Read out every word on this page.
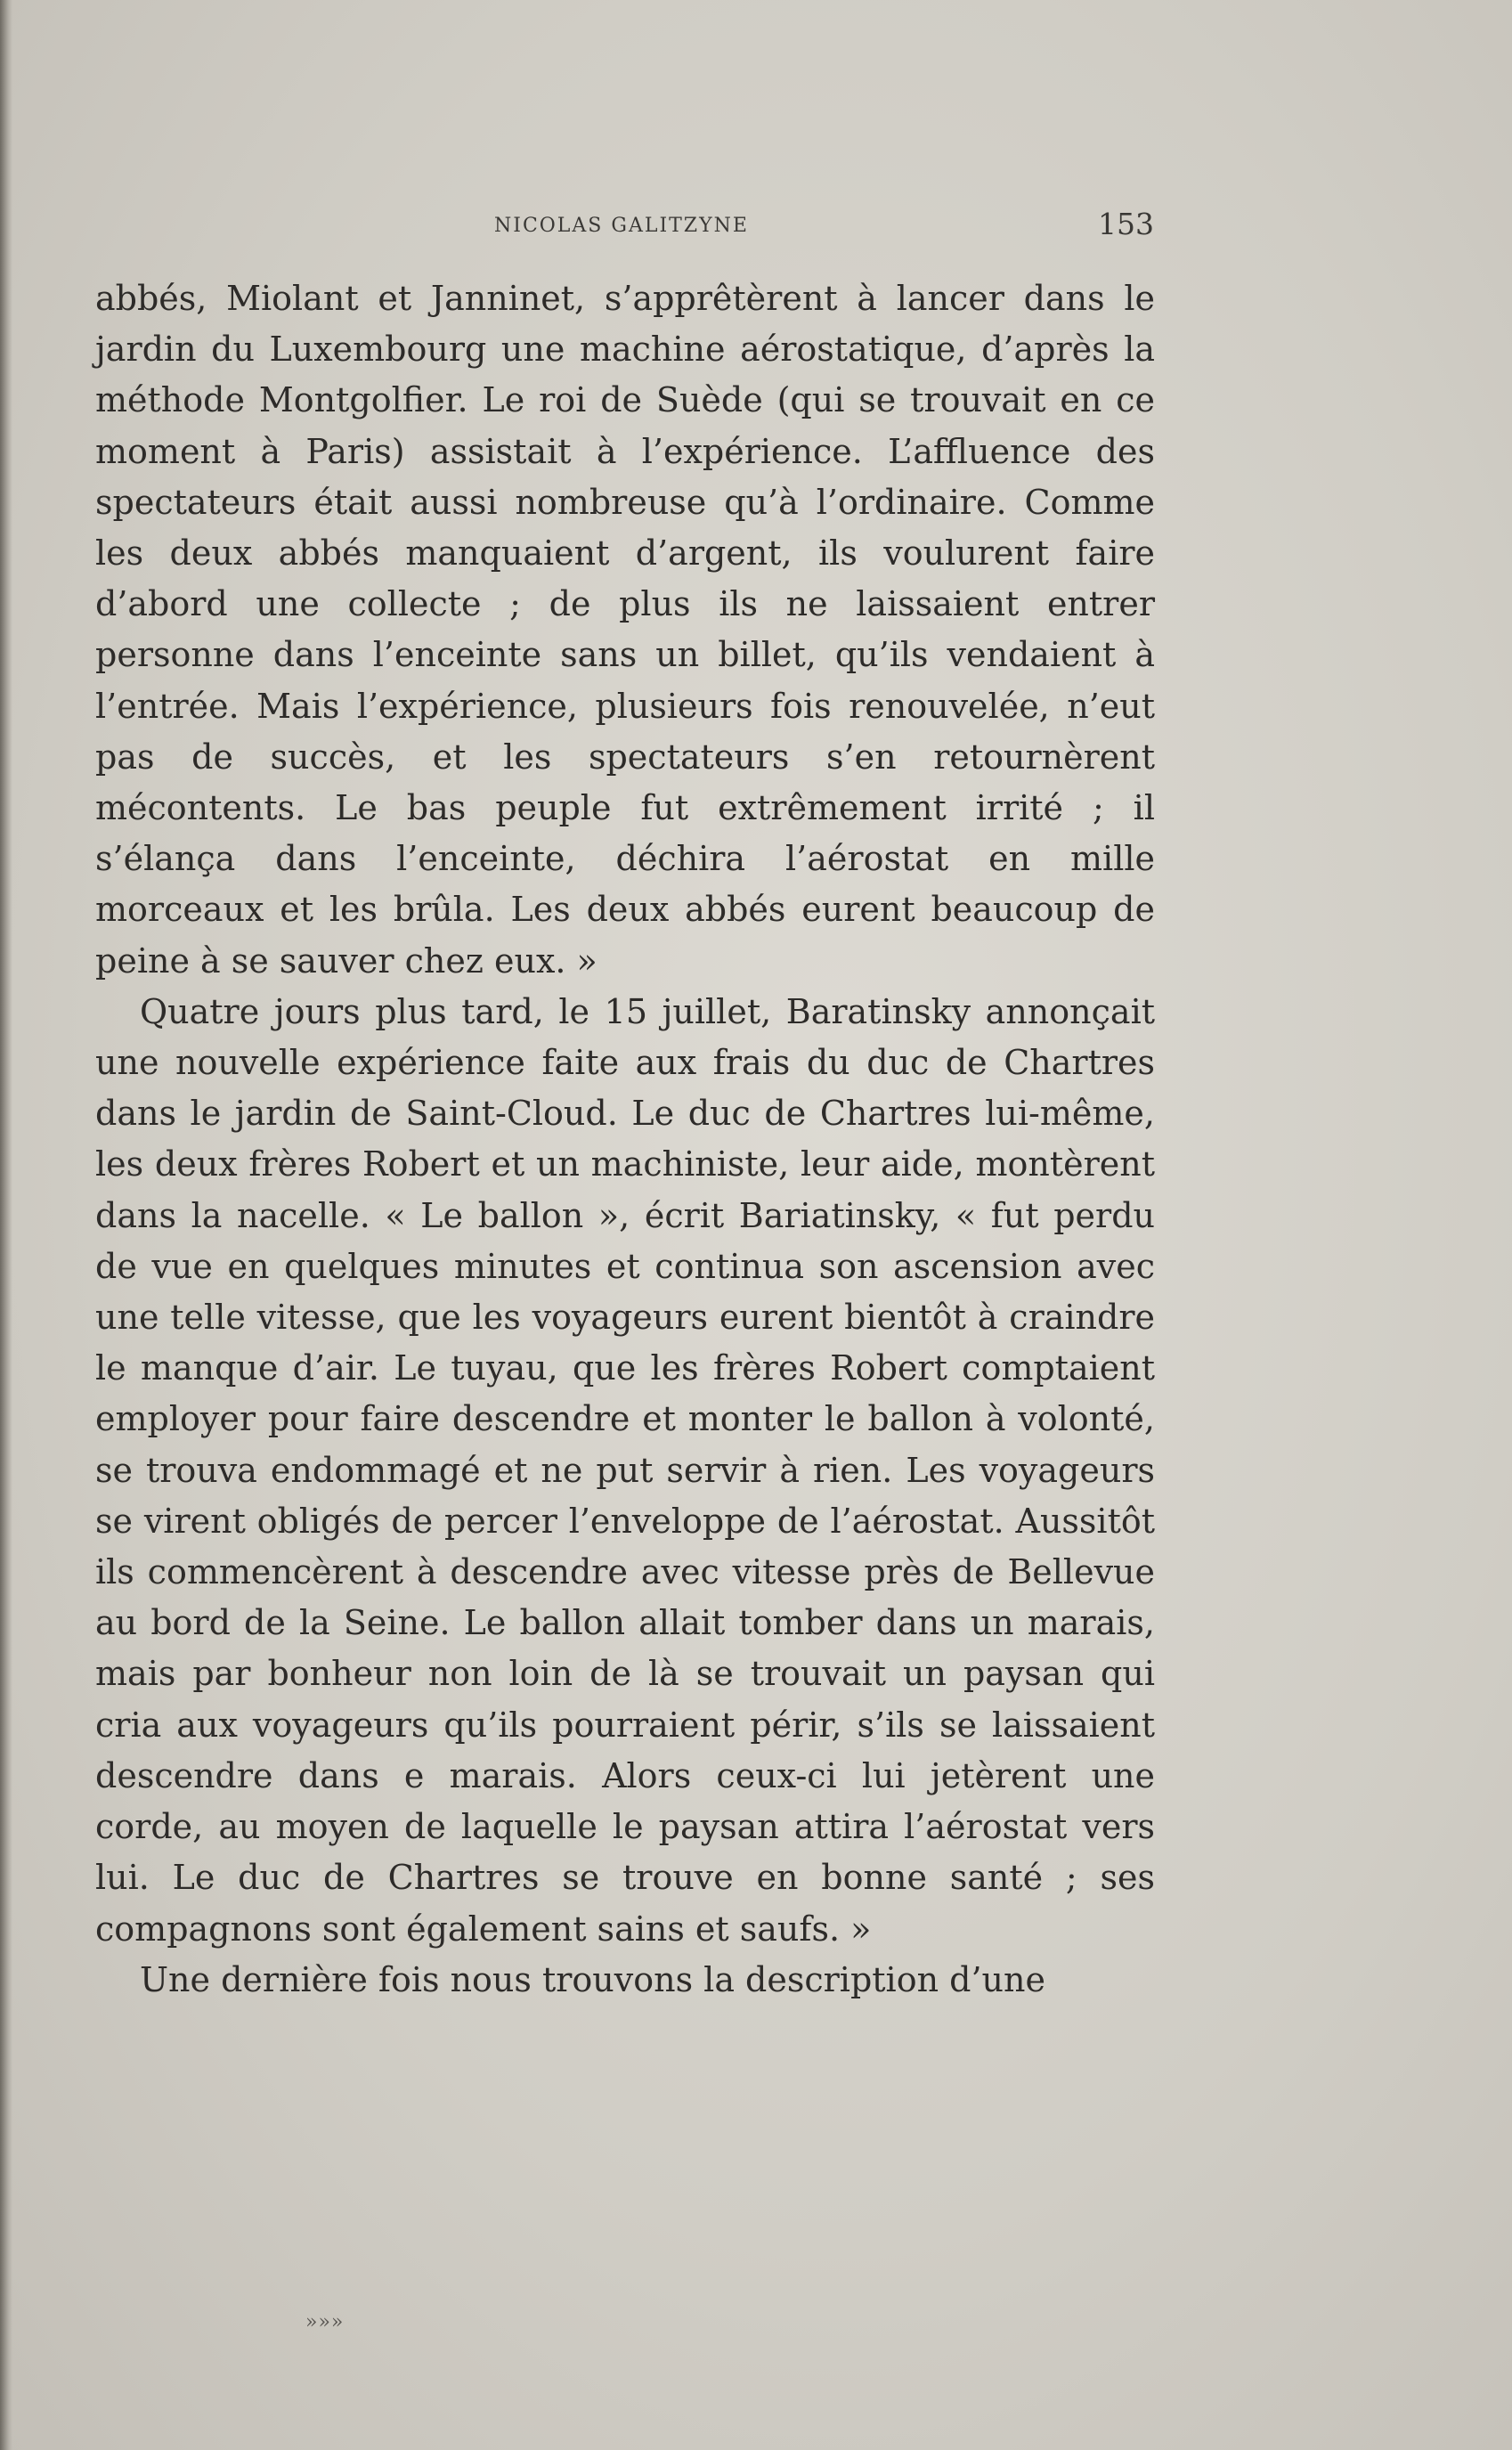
NICOLAS GALITZYNE	153

abbés, Miolant et Janninet, s’apprêtèrent à lancer dans le jardin du Luxembourg une machine aérostatique, d’après la méthode Montgolfier. Le roi de Suède (qui se trouvait en ce moment à Paris) assistait à l’expérience. L’affluence des spectateurs était aussi nombreuse qu’à l’ordinaire. Comme les deux abbés manquaient d’argent, ils voulurent faire d’abord une collecte ; de plus ils ne laissaient entrer personne dans l’enceinte sans un billet, qu’ils vendaient à l’entrée. Mais l’expérience, plusieurs fois renouvelée, n’eut pas de succès, et les spectateurs s’en retournèrent mécontents. Le bas peuple fut extrêmement irrité ; il s’élança dans l’enceinte, déchira l’aérostat en mille morceaux et les brûla. Les deux abbés eurent beaucoup de peine à se sauver chez eux. »

Quatre jours plus tard, le 15 juillet, Baratinsky annonçait une nouvelle expérience faite aux frais du duc de Chartres dans le jardin de Saint-Cloud. Le duc de Chartres lui-même, les deux frères Robert et un machiniste, leur aide, montèrent dans la nacelle. « Le ballon », écrit Bariatinsky, « fut perdu de vue en quelques minutes et continua son ascension avec une telle vitesse, que les voyageurs eurent bientôt à craindre le manque d’air. Le tuyau, que les frères Robert comptaient employer pour faire descendre et monter le ballon à volonté, se trouva endommagé et ne put servir à rien. Les voyageurs se virent obligés de percer l’enveloppe de l’aérostat. Aussitôt ils commencèrent à descendre avec vitesse près de Bellevue au bord de la Seine. Le ballon allait tomber dans un marais, mais par bonheur non loin de là se trouvait un paysan qui cria aux voyageurs qu’ils pourraient périr, s’ils se laissaient descendre dans e marais. Alors ceux-ci lui jetèrent une corde, au moyen de laquelle le paysan attira l’aérostat vers lui. Le duc de Chartres se trouve en bonne santé ; ses compagnons sont également sains et saufs. »

Une dernière fois nous trouvons la description d’une

»»»
